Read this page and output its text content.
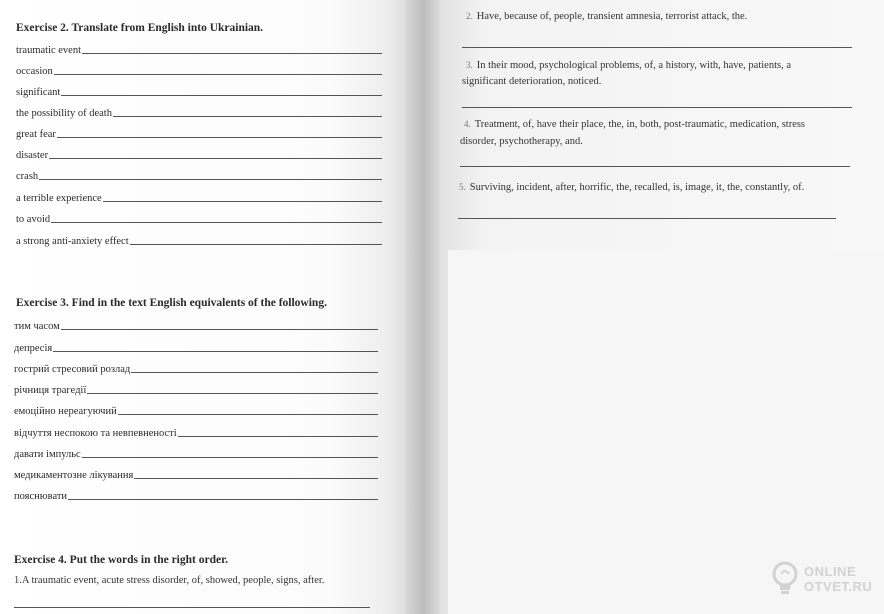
Exercise 2. Translate from English into Ukrainian.
traumatic event
occasion
significant
the possibility of death
great fear
disaster
crash
a terrible experience
to avoid
a strong anti-anxiety effect
Exercise 3. Find in the text English equivalents of the following.
тим часом
депресія
гострий стресовий розлад
річниця трагедії
емоційно нереагуючий
відчуття неспокою та невпевненості
давати імпульс
медикаментозне лікування
пояснювати
Exercise 4. Put the words in the right order.
1.A traumatic event, acute stress disorder, of, showed, people, signs, after.
2. Have, because of, people, transient amnesia, terrorist attack, the.
3. In their mood, psychological problems, of, a history, with, have, patients, a
significant deterioration, noticed.
4. Treatment, of, have their place, the, in, both, post-traumatic, medication, stress
disorder, psychotherapy, and.
5. Surviving, incident, after, horrific, the, recalled, is, image, it, the, constantly, of.
ONLINE
OTVET.RU
